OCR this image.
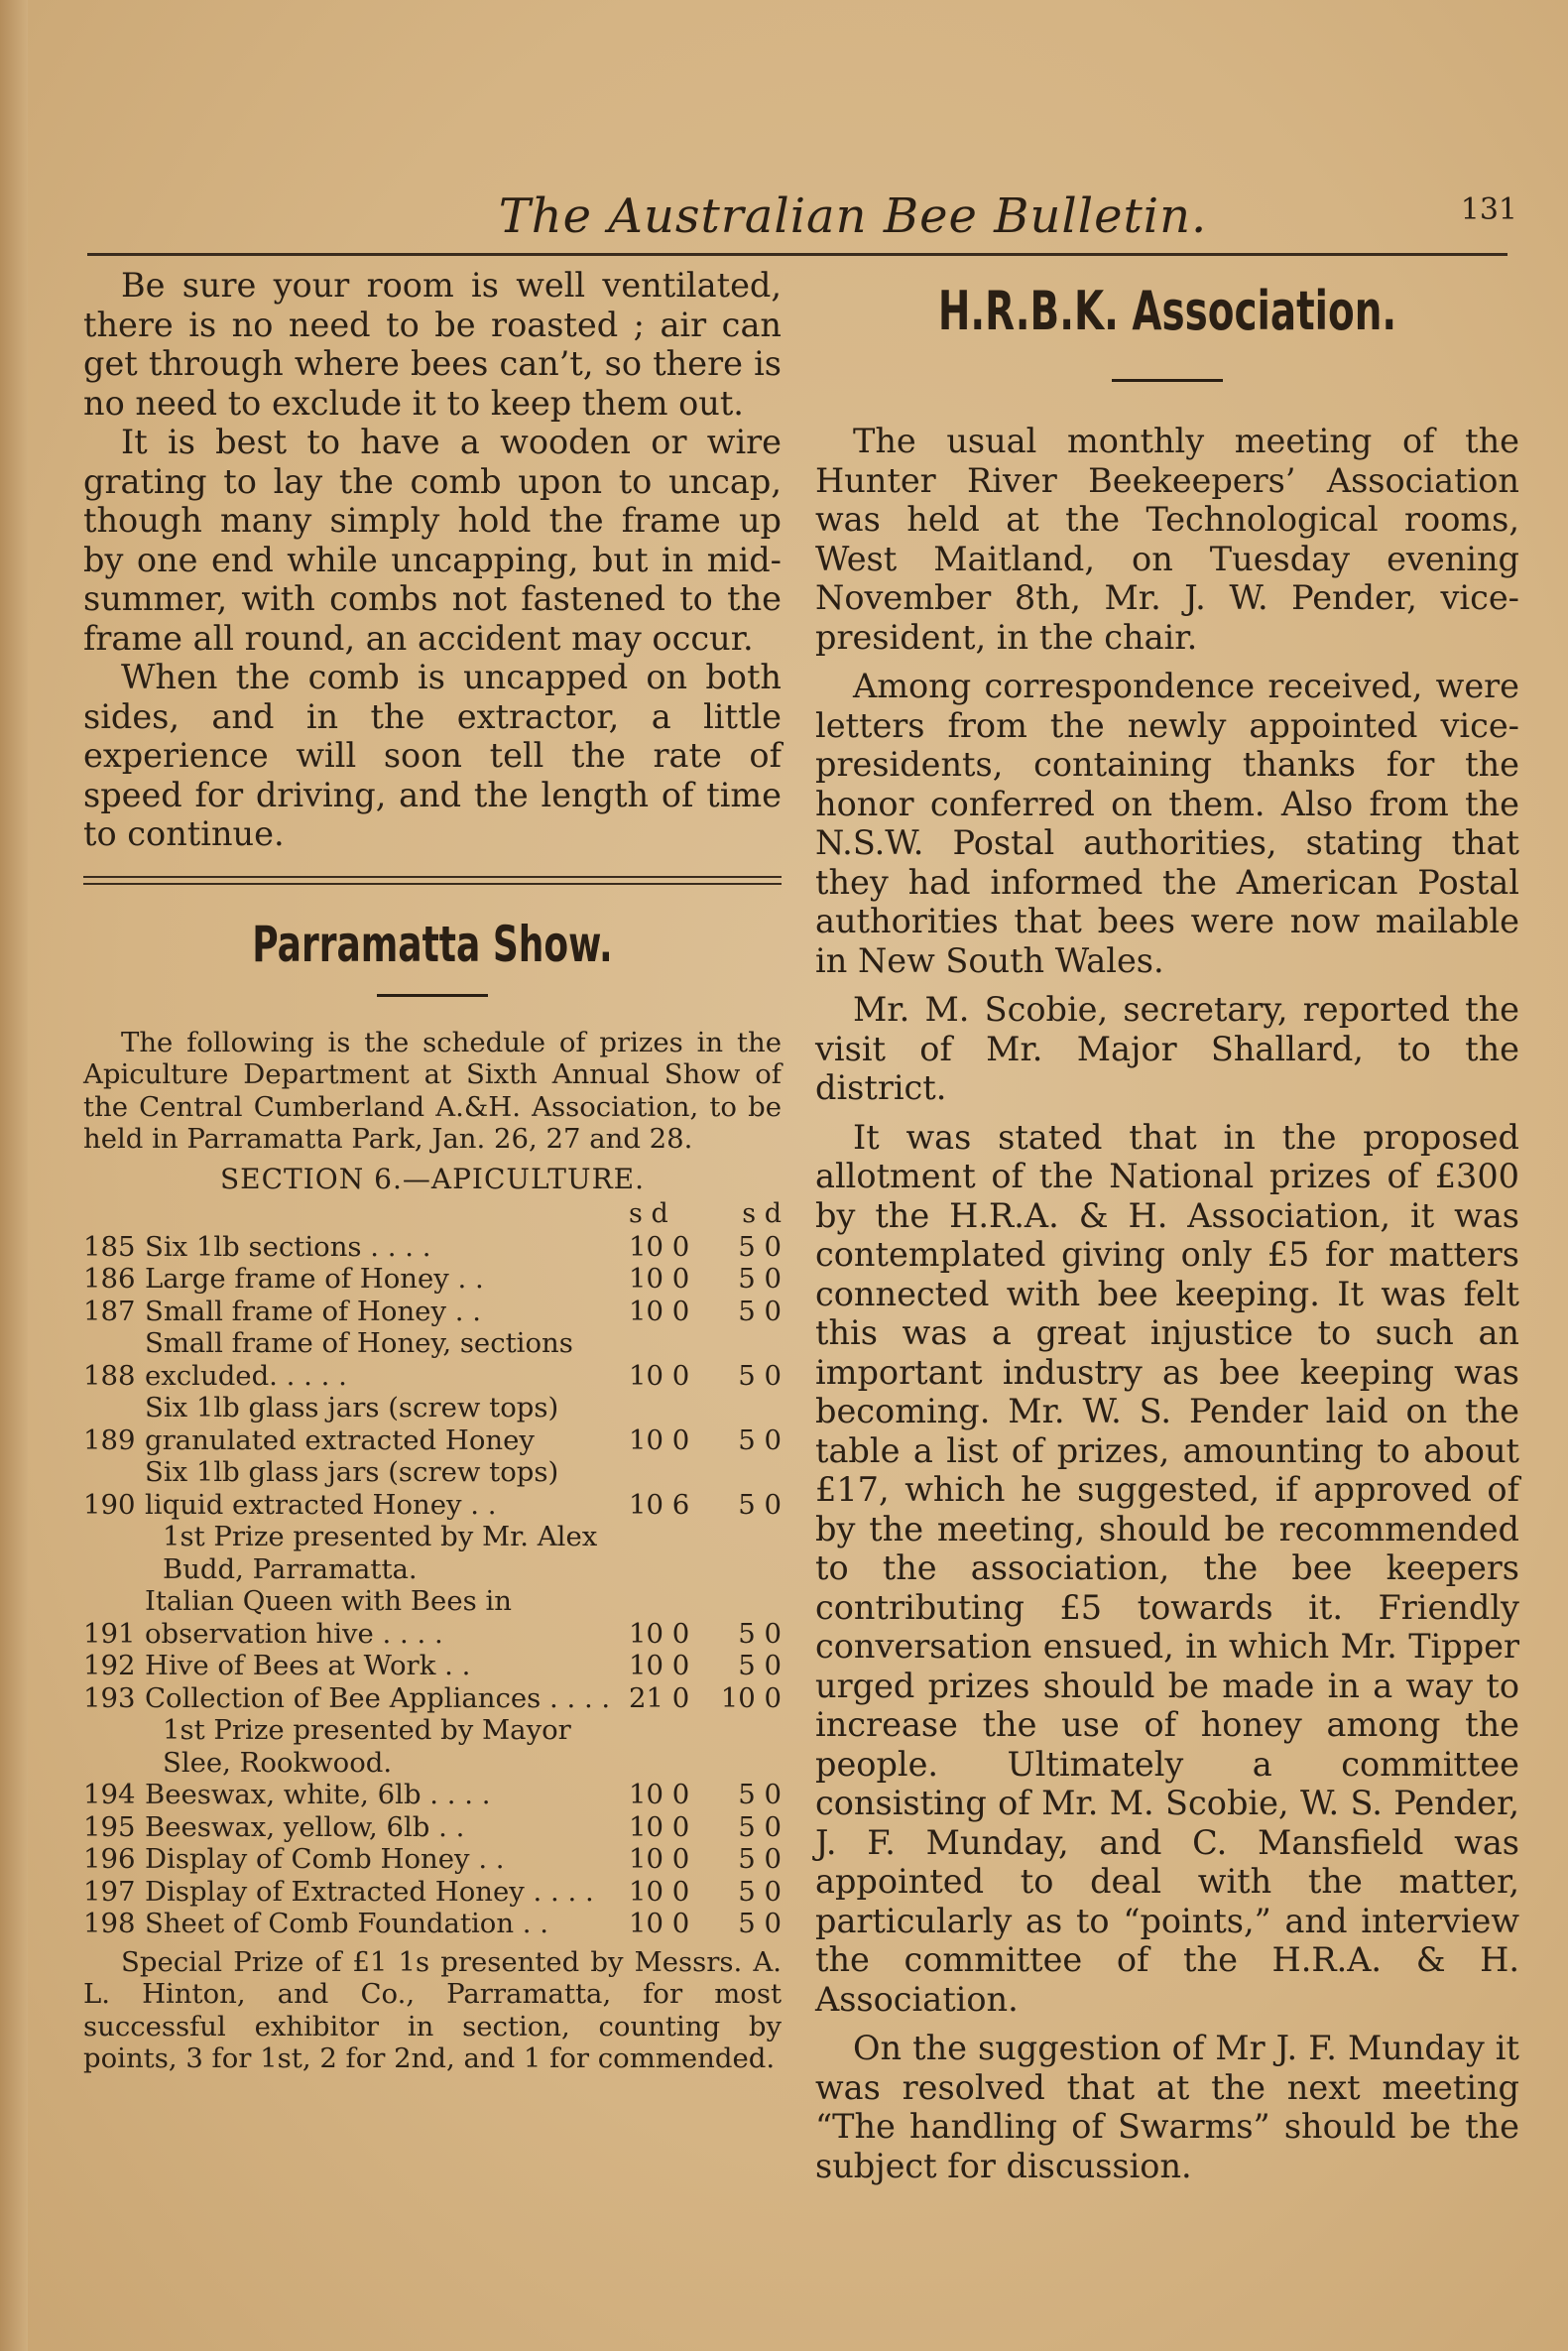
The Australian Bee Bulletin.	131

Be sure your room is well ventilated, there is no need to be roasted ; air can get through where bees can’t, so there is no need to exclude it to keep them out.

It is best to have a wooden or wire grating to lay the comb upon to uncap, though many simply hold the frame up by one end while uncapping, but in mid-summer, with combs not fastened to the frame all round, an accident may occur.

When the comb is uncapped on both sides, and in the extractor, a little experience will soon tell the rate of speed for driving, and the length of time to continue.

Parramatta Show.

The following is the schedule of prizes in the Apiculture Department at Sixth Annual Show of the Central Cumberland A.&H. Association, to be held in Parramatta Park, Jan. 26, 27 and 28.

SECTION 6.—APICULTURE.
		s d	s d
185	Six 1lb sections . . . .	10 0	5 0
186	Large frame of Honey . .	10 0	5 0
187	Small frame of Honey . .	10 0	5 0
188	Small frame of Honey, sections excluded. . . . .	10 0	5 0
189	Six 1lb glass jars (screw tops) granulated extracted Honey	10 0	5 0
190	Six 1lb glass jars (screw tops) liquid extracted Honey . .	10 6	5 0
	1st Prize presented by Mr. Alex Budd, Parramatta.		
191	Italian Queen with Bees in observation hive . . . .	10 0	5 0
192	Hive of Bees at Work . .	10 0	5 0
193	Collection of Bee Appliances . . . .	21 0	10 0
	1st Prize presented by Mayor Slee, Rookwood.		
194	Beeswax, white, 6lb . . . .	10 0	5 0
195	Beeswax, yellow, 6lb . .	10 0	5 0
196	Display of Comb Honey . .	10 0	5 0
197	Display of Extracted Honey . . . .	10 0	5 0
198	Sheet of Comb Foundation . .	10 0	5 0

Special Prize of £1 1s presented by Messrs. A. L. Hinton, and Co., Parramatta, for most successful exhibitor in section, counting by points, 3 for 1st, 2 for 2nd, and 1 for commended.

H.R.B.K. Association.

The usual monthly meeting of the Hunter River Beekeepers’ Association was held at the Technological rooms, West Maitland, on Tuesday evening November 8th, Mr. J. W. Pender, vice-president, in the chair.

Among correspondence received, were letters from the newly appointed vice-presidents, containing thanks for the honor conferred on them. Also from the N.S.W. Postal authorities, stating that they had informed the American Postal authorities that bees were now mailable in New South Wales.

Mr. M. Scobie, secretary, reported the visit of Mr. Major Shallard, to the district.

It was stated that in the proposed allotment of the National prizes of £300 by the H.R.A. & H. Association, it was contemplated giving only £5 for matters connected with bee keeping. It was felt this was a great injustice to such an important industry as bee keeping was becoming. Mr. W. S. Pender laid on the table a list of prizes, amounting to about £17, which he suggested, if approved of by the meeting, should be recommended to the association, the bee keepers contributing £5 towards it. Friendly conversation ensued, in which Mr. Tipper urged prizes should be made in a way to increase the use of honey among the people. Ultimately a committee consisting of Mr. M. Scobie, W. S. Pender, J. F. Munday, and C. Mansfield was appointed to deal with the matter, particularly as to “points,” and interview the committee of the H.R.A. & H. Association.

On the suggestion of Mr J. F. Munday it was resolved that at the next meeting “The handling of Swarms” should be the subject for discussion.
